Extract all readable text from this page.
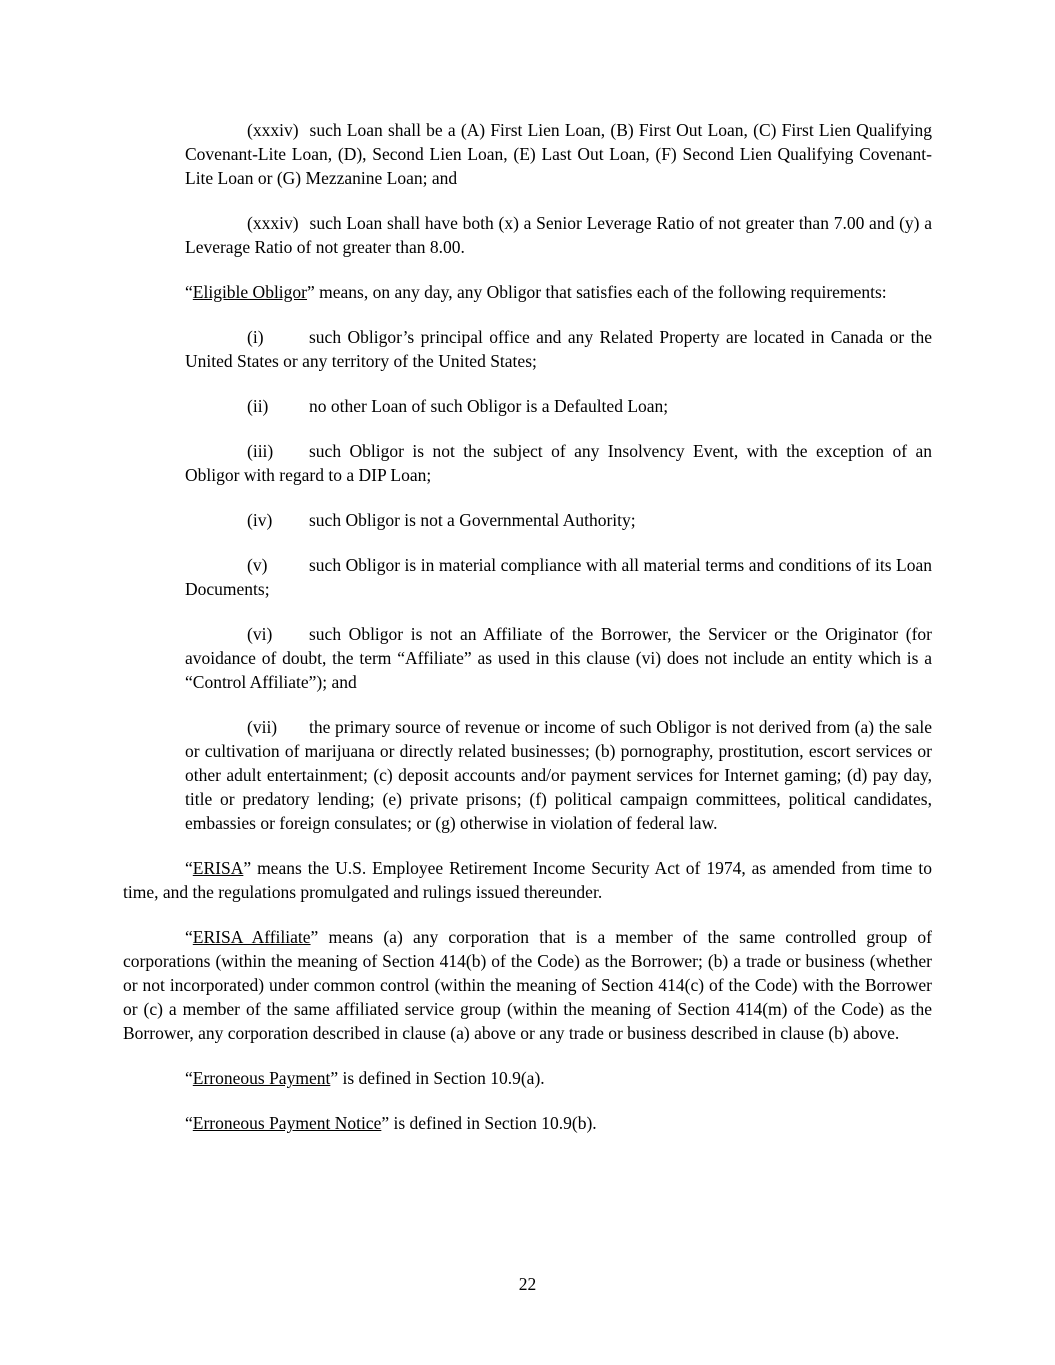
(xxxiv) such Loan shall be a (A) First Lien Loan, (B) First Out Loan, (C) First Lien Qualifying Covenant-Lite Loan, (D), Second Lien Loan, (E) Last Out Loan, (F) Second Lien Qualifying Covenant-Lite Loan or (G) Mezzanine Loan; and

(xxxiv) such Loan shall have both (x) a Senior Leverage Ratio of not greater than 7.00 and (y) a Leverage Ratio of not greater than 8.00.

“Eligible Obligor” means, on any day, any Obligor that satisfies each of the following requirements:

(i)	such Obligor’s principal office and any Related Property are located in Canada or the United States or any territory of the United States;

(ii) no other Loan of such Obligor is a Defaulted Loan;

(iii) such Obligor is not the subject of any Insolvency Event, with the exception of an Obligor with regard to a DIP Loan;

(iv) such Obligor is not a Governmental Authority;

(v) such Obligor is in material compliance with all material terms and conditions of its Loan Documents;

(vi) such Obligor is not an Affiliate of the Borrower, the Servicer or the Originator (for avoidance of doubt, the term “Affiliate” as used in this clause (vi) does not include an entity which is a “Control Affiliate”); and

(vii) the primary source of revenue or income of such Obligor is not derived from (a) the sale or cultivation of marijuana or directly related businesses; (b) pornography, prostitution, escort services or other adult entertainment; (c) deposit accounts and/or payment services for Internet gaming; (d) pay day, title or predatory lending; (e) private prisons; (f) political campaign committees, political candidates, embassies or foreign consulates; or (g) otherwise in violation of federal law.

“ERISA” means the U.S. Employee Retirement Income Security Act of 1974, as amended from time to time, and the regulations promulgated and rulings issued thereunder.

“ERISA Affiliate” means (a) any corporation that is a member of the same controlled group of corporations (within the meaning of Section 414(b) of the Code) as the Borrower; (b) a trade or business (whether or not incorporated) under common control (within the meaning of Section 414(c) of the Code) with the Borrower or (c) a member of the same affiliated service group (within the meaning of Section 414(m) of the Code) as the Borrower, any corporation described in clause (a) above or any trade or business described in clause (b) above.

“Erroneous Payment” is defined in Section 10.9(a).

“Erroneous Payment Notice” is defined in Section 10.9(b).

22
